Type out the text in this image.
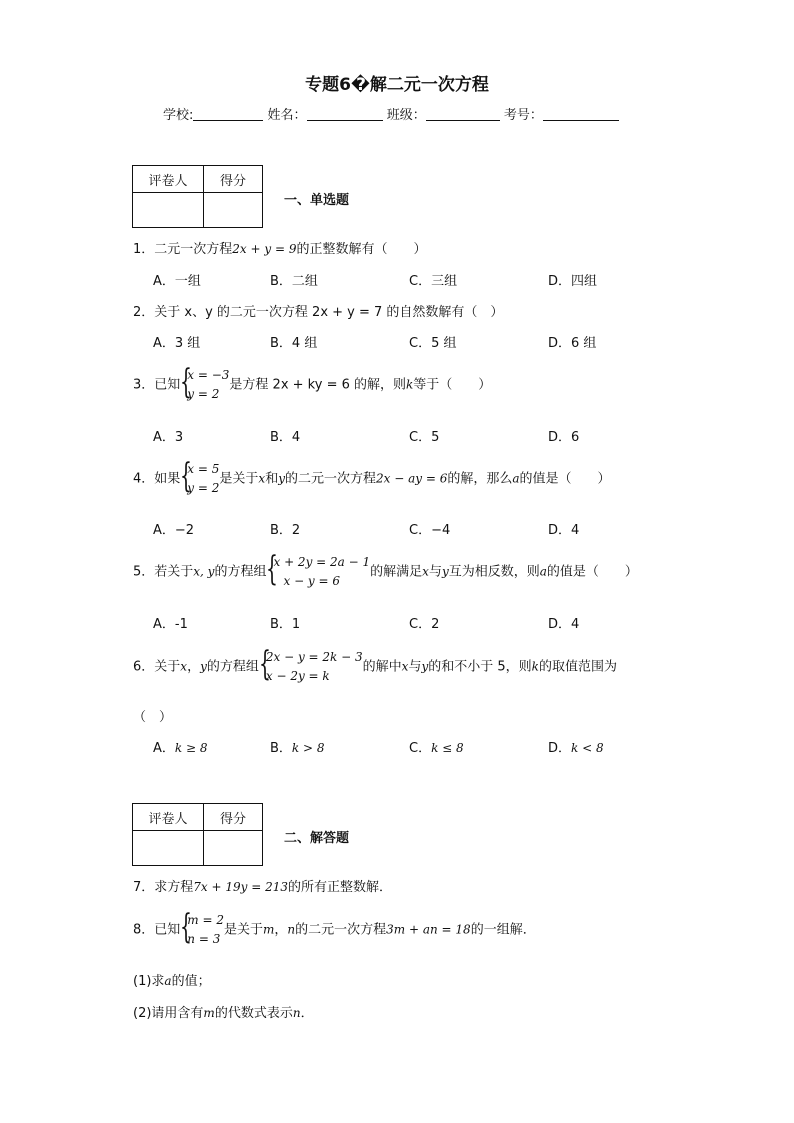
专题6�解二元一次方程
学校:	姓名：	班级：	考号：
评卷人	得分

一、单选题
1．二元一次方程2x + y = 9的正整数解有（　　）
A．一组	B．二组	C．三组	D．四组
2．关于 x、y 的二元一次方程 2x + y = 7 的自然数解有（　）
A．3 组	B．4 组	C．5 组	D．6 组
3．已知 {
x = −3
y = 2
是方程 2x + ky = 6 的解，则k等于（　　）
A．3	B．4	C．5	D．6
4．如果 {
x = 5
y = 2
是关于x和y的二元一次方程2x − ay = 6的解，那么a的值是（　　）
A．−2	B．2	C．−4	D．4
5．若关于x, y的方程组 {
x + 2y = 2a − 1
x − y = 6
的解满足x与y互为相反数，则a的值是（　　）
A．-1	B．1	C．2	D．4
6．关于x，y的方程组 {
2x − y = 2k − 3
x − 2y = k
的解中x与y的和不小于 5，则k的取值范围为
（　）
A．k ≥ 8	B．k > 8	C．k ≤ 8	D．k < 8
评卷人	得分

二、解答题
7．求方程7x + 19y = 213的所有正整数解．
8．已知 {
m = 2
n = 3
是关于m，n的二元一次方程3m + an = 18的一组解．
(1)求a的值；
(2)请用含有m的代数式表示n．
